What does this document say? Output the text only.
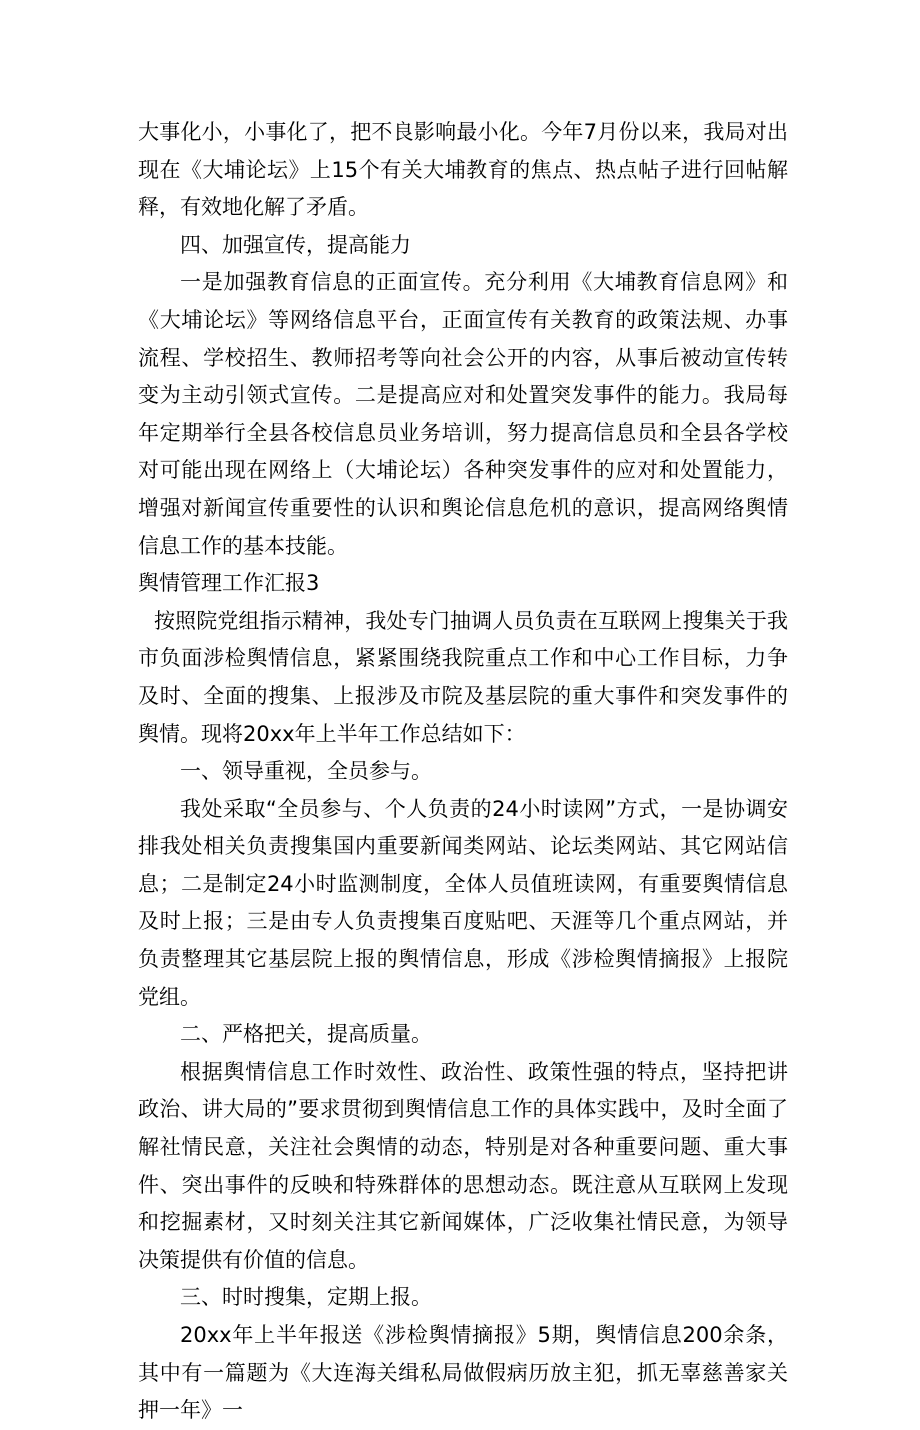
大事化小，小事化了，把不良影响最小化。今年7月份以来，我局对出现在《大埔论坛》上15个有关大埔教育的焦点、热点帖子进行回帖解释，有效地化解了矛盾。

四、加强宣传，提高能力

一是加强教育信息的正面宣传。充分利用《大埔教育信息网》和《大埔论坛》等网络信息平台，正面宣传有关教育的政策法规、办事流程、学校招生、教师招考等向社会公开的内容，从事后被动宣传转变为主动引领式宣传。二是提高应对和处置突发事件的能力。我局每年定期举行全县各校信息员业务培训，努力提高信息员和全县各学校对可能出现在网络上（大埔论坛）各种突发事件的应对和处置能力，增强对新闻宣传重要性的认识和舆论信息危机的意识，提高网络舆情信息工作的基本技能。

舆情管理工作汇报3

按照院党组指示精神，我处专门抽调人员负责在互联网上搜集关于我市负面涉检舆情信息，紧紧围绕我院重点工作和中心工作目标，力争及时、全面的搜集、上报涉及市院及基层院的重大事件和突发事件的舆情。现将20xx年上半年工作总结如下：

一、领导重视，全员参与。

我处采取“全员参与、个人负责的24小时读网”方式，一是协调安排我处相关负责搜集国内重要新闻类网站、论坛类网站、其它网站信息；二是制定24小时监测制度，全体人员值班读网，有重要舆情信息及时上报；三是由专人负责搜集百度贴吧、天涯等几个重点网站，并负责整理其它基层院上报的舆情信息，形成《涉检舆情摘报》上报院党组。

二、严格把关，提高质量。

根据舆情信息工作时效性、政治性、政策性强的特点，坚持把讲政治、讲大局的”要求贯彻到舆情信息工作的具体实践中，及时全面了解社情民意，关注社会舆情的动态，特别是对各种重要问题、重大事件、突出事件的反映和特殊群体的思想动态。既注意从互联网上发现和挖掘素材，又时刻关注其它新闻媒体，广泛收集社情民意，为领导决策提供有价值的信息。

三、时时搜集，定期上报。

20xx年上半年报送《涉检舆情摘报》5期，舆情信息200余条，其中有一篇题为《大连海关缉私局做假病历放主犯，抓无辜慈善家关押一年》一
